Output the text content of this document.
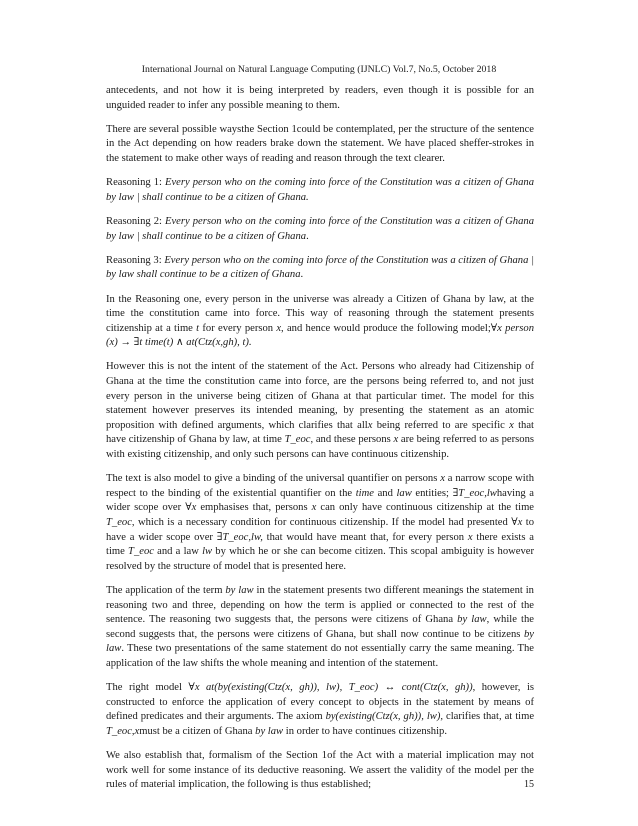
International Journal on Natural Language Computing (IJNLC) Vol.7, No.5, October 2018

antecedents, and not how it is being interpreted by readers, even though it is possible for an unguided reader to infer any possible meaning to them.

There are several possible waysthe Section 1could be contemplated, per the structure of the sentence in the Act depending on how readers brake down the statement. We have placed sheffer-strokes in the statement to make other ways of reading and reason through the text clearer.

Reasoning 1: Every person who on the coming into force of the Constitution was a citizen of Ghana by law | shall continue to be a citizen of Ghana.

Reasoning 2: Every person who on the coming into force of the Constitution was a citizen of Ghana by law | shall continue to be a citizen of Ghana.

Reasoning 3: Every person who on the coming into force of the Constitution was a citizen of Ghana | by law shall continue to be a citizen of Ghana.

In the Reasoning one, every person in the universe was already a Citizen of Ghana by law, at the time the constitution came into force. This way of reasoning through the statement presents citizenship at a time t for every person x, and hence would produce the following model;∀x person (x) → ∃t time(t) ∧ at(Ctz(x,gh), t).

However this is not the intent of the statement of the Act. Persons who already had Citizenship of Ghana at the time the constitution came into force, are the persons being referred to, and not just every person in the universe being citizen of Ghana at that particular timet. The model for this statement however preserves its intended meaning, by presenting the statement as an atomic proposition with defined arguments, which clarifies that allx being referred to are specific x that have citizenship of Ghana by law, at time T_eoc, and these persons x are being referred to as persons with existing citizenship, and only such persons can have continuous citizenship.

The text is also model to give a binding of the universal quantifier on persons x a narrow scope with respect to the binding of the existential quantifier on the time and law entities; ∃T_eoc,lwhaving a wider scope over ∀x emphasises that, persons x can only have continuous citizenship at the time T_eoc, which is a necessary condition for continuous citizenship. If the model had presented ∀x to have a wider scope over ∃T_eoc,lw, that would have meant that, for every person x there exists a time T_eoc and a law lw by which he or she can become citizen. This scopal ambiguity is however resolved by the structure of model that is presented here.

The application of the term by law in the statement presents two different meanings the statement in reasoning two and three, depending on how the term is applied or connected to the rest of the sentence. The reasoning two suggests that, the persons were citizens of Ghana by law, while the second suggests that, the persons were citizens of Ghana, but shall now continue to be citizens by law. These two presentations of the same statement do not essentially carry the same meaning. The application of the law shifts the whole meaning and intention of the statement.

The right model ∀x at(by(existing(Ctz(x, gh)), lw), T_eoc) ↔ cont(Ctz(x, gh)), however, is constructed to enforce the application of every concept to objects in the statement by means of defined predicates and their arguments. The axiom by(existing(Ctz(x, gh)), lw), clarifies that, at time T_eoc,xmust be a citizen of Ghana by law in order to have continues citizenship.

We also establish that, formalism of the Section 1of the Act with a material implication may not work well for some instance of its deductive reasoning. We assert the validity of the model per the rules of material implication, the following is thus established;	15
